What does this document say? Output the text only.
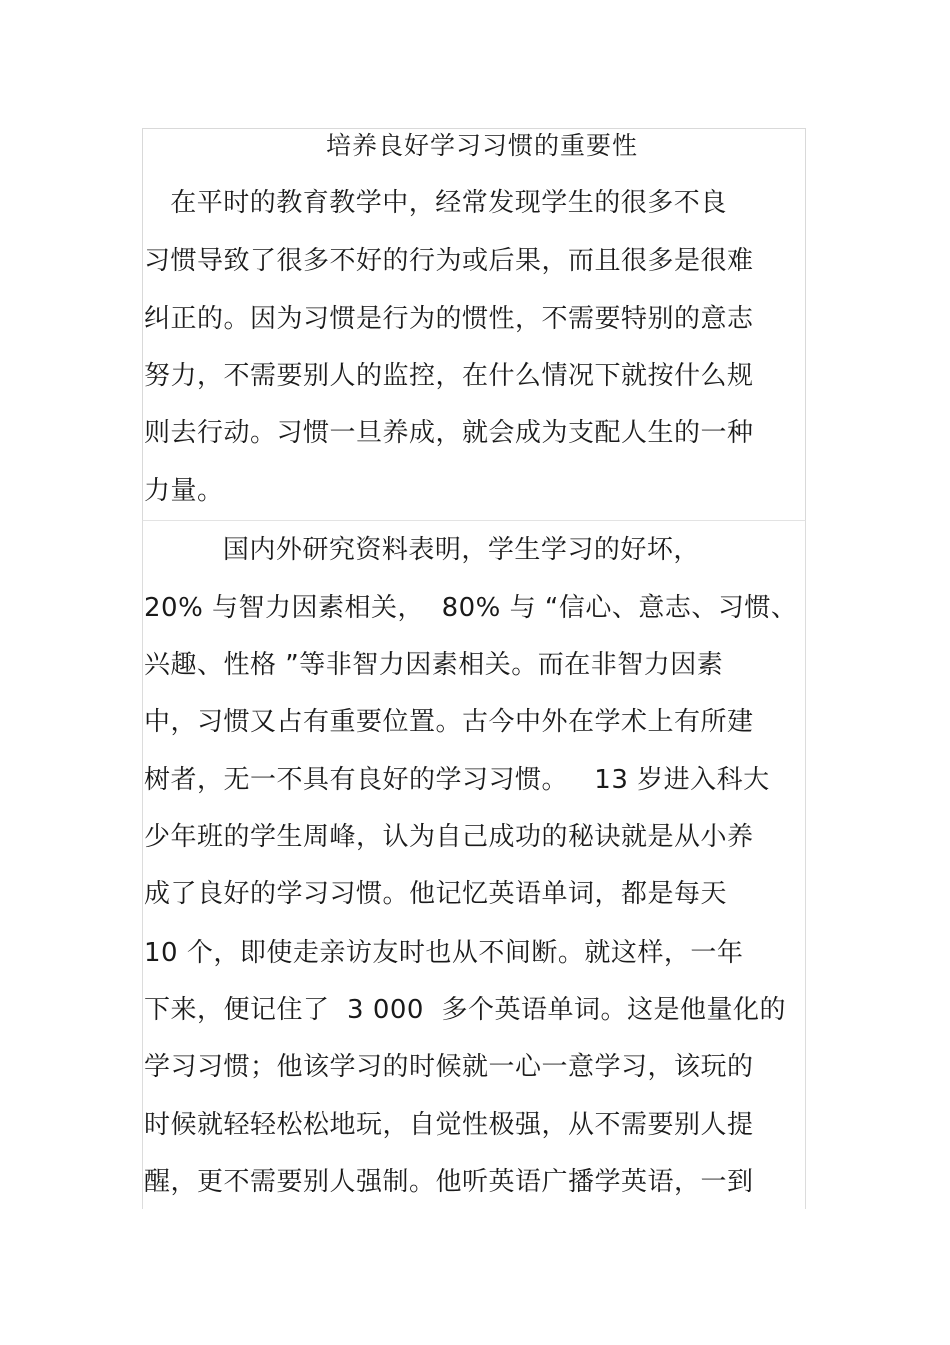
培养良好学习习惯的重要性
在平时的教育教学中，经常发现学生的很多不良
习惯导致了很多不好的行为或后果，而且很多是很难
纠正的。因为习惯是行为的惯性，不需要特别的意志
努力，不需要别人的监控，在什么情况下就按什么规
则去行动。习惯一旦养成，就会成为支配人生的一种
力量。
国内外研究资料表明，学生学习的好坏，
20% 与智力因素相关，  80% 与 “信心、意志、习惯、
兴趣、性格 ”等非智力因素相关。而在非智力因素
中，习惯又占有重要位置。古今中外在学术上有所建
树者，无一不具有良好的学习习惯。   13 岁进入科大
少年班的学生周峰，认为自己成功的秘诀就是从小养
成了良好的学习习惯。他记忆英语单词，都是每天
10 个，即使走亲访友时也从不间断。就这样，一年
下来，便记住了  3 000  多个英语单词。这是他量化的
学习习惯；他该学习的时候就一心一意学习，该玩的
时候就轻轻松松地玩，自觉性极强，从不需要别人提
醒，更不需要别人强制。他听英语广播学英语，一到
